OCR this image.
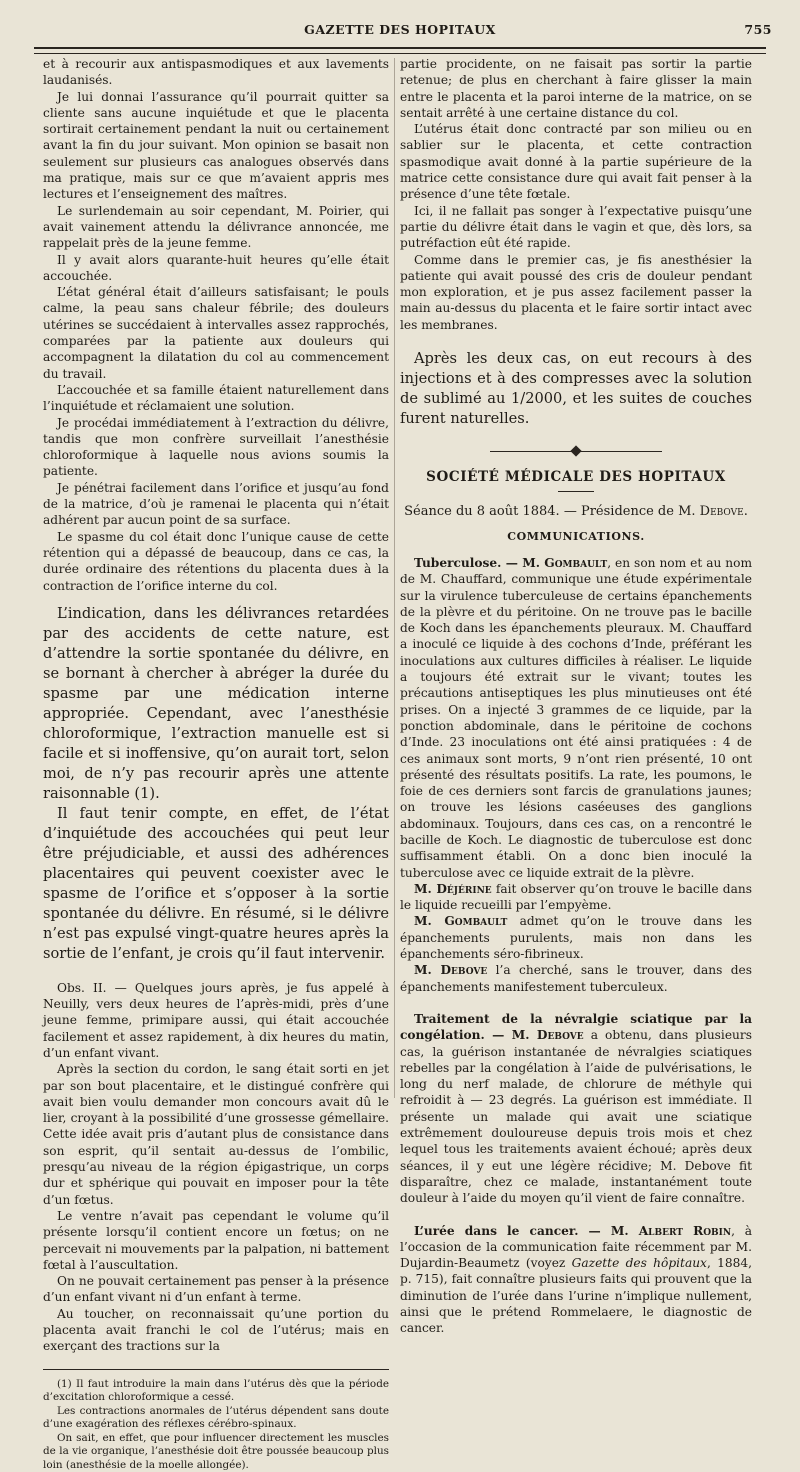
GAZETTE DES HOPITAUX	755

et à recourir aux antispasmodiques et aux lavements laudanisés.

Je lui donnai l’assurance qu’il pourrait quitter sa cliente sans aucune inquiétude et que le placenta sortirait certainement pendant la nuit ou certainement avant la fin du jour suivant. Mon opinion se basait non seulement sur plusieurs cas analogues observés dans ma pratique, mais sur ce que m’avaient appris mes lectures et l’enseignement des maîtres.

Le surlendemain au soir cependant, M. Poirier, qui avait vainement attendu la délivrance annoncée, me rappelait près de la jeune femme.

Il y avait alors quarante-huit heures qu’elle était accouchée.

L’état général était d’ailleurs satisfaisant; le pouls calme, la peau sans chaleur fébrile; des douleurs utérines se succédaient à intervalles assez rapprochés, comparées par la patiente aux douleurs qui accompagnent la dilatation du col au commencement du travail.

L’accouchée et sa famille étaient naturellement dans l’inquiétude et réclamaient une solution.

Je procédai immédiatement à l’extraction du délivre, tandis que mon confrère surveillait l’anesthésie chloroformique à laquelle nous avions soumis la patiente.

Je pénétrai facilement dans l’orifice et jusqu’au fond de la matrice, d’où je ramenai le placenta qui n’était adhérent par aucun point de sa surface.

Le spasme du col était donc l’unique cause de cette rétention qui a dépassé de beaucoup, dans ce cas, la durée ordinaire des rétentions du placenta dues à la contraction de l’orifice interne du col.

L’indication, dans les délivrances retardées par des accidents de cette nature, est d’attendre la sortie spontanée du délivre, en se bornant à chercher à abréger la durée du spasme par une médication interne appropriée. Cependant, avec l’anesthésie chloroformique, l’extraction manuelle est si facile et si inoffensive, qu’on aurait tort, selon moi, de n’y pas recourir après une attente raisonnable (1).

Il faut tenir compte, en effet, de l’état d’inquiétude des accouchées qui peut leur être préjudiciable, et aussi des adhérences placentaires qui peuvent coexister avec le spasme de l’orifice et s’opposer à la sortie spontanée du délivre. En résumé, si le délivre n’est pas expulsé vingt-quatre heures après la sortie de l’enfant, je crois qu’il faut intervenir.

Obs. II. — Quelques jours après, je fus appelé à Neuilly, vers deux heures de l’après-midi, près d’une jeune femme, primipare aussi, qui était accouchée facilement et assez rapidement, à dix heures du matin, d’un enfant vivant.

Après la section du cordon, le sang était sorti en jet par son bout placentaire, et le distingué confrère qui avait bien voulu demander mon concours avait dû le lier, croyant à la possibilité d’une grossesse gémellaire. Cette idée avait pris d’autant plus de consistance dans son esprit, qu’il sentait au-dessus de l’ombilic, presqu’au niveau de la région épigastrique, un corps dur et sphérique qui pouvait en imposer pour la tête d’un fœtus.

Le ventre n’avait pas cependant le volume qu’il présente lorsqu’il contient encore un fœtus; on ne percevait ni mouvements par la palpation, ni battement fœtal à l’auscultation.

On ne pouvait certainement pas penser à la présence d’un enfant vivant ni d’un enfant à terme.

Au toucher, on reconnaissait qu’une portion du placenta avait franchi le col de l’utérus; mais en exerçant des tractions sur la

(1) Il faut introduire la main dans l’utérus dès que la période d’excitation chloroformique a cessé.

Les contractions anormales de l’utérus dépendent sans doute d’une exagération des réflexes cérébro-spinaux.

On sait, en effet, que pour influencer directement les muscles de la vie organique, l’anesthésie doit être poussée beaucoup plus loin (anesthésie de la moelle allongée).

partie procidente, on ne faisait pas sortir la partie retenue; de plus en cherchant à faire glisser la main entre le placenta et la paroi interne de la matrice, on se sentait arrêté à une certaine distance du col.

L’utérus était donc contracté par son milieu ou en sablier sur le placenta, et cette contraction spasmodique avait donné à la partie supérieure de la matrice cette consistance dure qui avait fait penser à la présence d’une tête fœtale.

Ici, il ne fallait pas songer à l’expectative puisqu’une partie du délivre était dans le vagin et que, dès lors, sa putréfaction eût été rapide.

Comme dans le premier cas, je fis anesthésier la patiente qui avait poussé des cris de douleur pendant mon exploration, et je pus assez facilement passer la main au-dessus du placenta et le faire sortir intact avec les membranes.

Après les deux cas, on eut recours à des injections et à des compresses avec la solution de sublimé au 1/2000, et les suites de couches furent naturelles.

SOCIÉTÉ MÉDICALE DES HOPITAUX
Séance du 8 août 1884. — Présidence de M. Debove.
COMMUNICATIONS.

Tuberculose. — M. Gombault, en son nom et au nom de M. Chauffard, communique une étude expérimentale sur la virulence tuberculeuse de certains épanchements de la plèvre et du péritoine. On ne trouve pas le bacille de Koch dans les épanchements pleuraux. M. Chauffard a inoculé ce liquide à des cochons d’Inde, préférant les inoculations aux cultures difficiles à réaliser. Le liquide a toujours été extrait sur le vivant; toutes les précautions antiseptiques les plus minutieuses ont été prises. On a injecté 3 grammes de ce liquide, par la ponction abdominale, dans le péritoine de cochons d’Inde. 23 inoculations ont été ainsi pratiquées : 4 de ces animaux sont morts, 9 n’ont rien présenté, 10 ont présenté des résultats positifs. La rate, les poumons, le foie de ces derniers sont farcis de granulations jaunes; on trouve les lésions caséeuses des ganglions abdominaux. Toujours, dans ces cas, on a rencontré le bacille de Koch. Le diagnostic de tuberculose est donc suffisamment établi. On a donc bien inoculé la tuberculose avec ce liquide extrait de la plèvre.

M. Déjérine fait observer qu’on trouve le bacille dans le liquide recueilli par l’empyème.

M. Gombault admet qu’on le trouve dans les épanchements purulents, mais non dans les épanchements séro-fibrineux.

M. Debove l’a cherché, sans le trouver, dans des épanchements manifestement tuberculeux.

Traitement de la névralgie sciatique par la congélation. — M. Debove a obtenu, dans plusieurs cas, la guérison instantanée de névralgies sciatiques rebelles par la congélation à l’aide de pulvérisations, le long du nerf malade, de chlorure de méthyle qui refroidit à — 23 degrés. La guérison est immédiate. Il présente un malade qui avait une sciatique extrêmement douloureuse depuis trois mois et chez lequel tous les traitements avaient échoué; après deux séances, il y eut une légère récidive; M. Debove fit disparaître, chez ce malade, instantanément toute douleur à l’aide du moyen qu’il vient de faire connaître.

L’urée dans le cancer. — M. Albert Robin, à l’occasion de la communication faite récemment par M. Dujardin-Beaumetz (voyez Gazette des hôpitaux, 1884, p. 715), fait connaître plusieurs faits qui prouvent que la diminution de l’urée dans l’urine n’implique nullement, ainsi que le prétend Rommelaere, le diagnostic de cancer.
